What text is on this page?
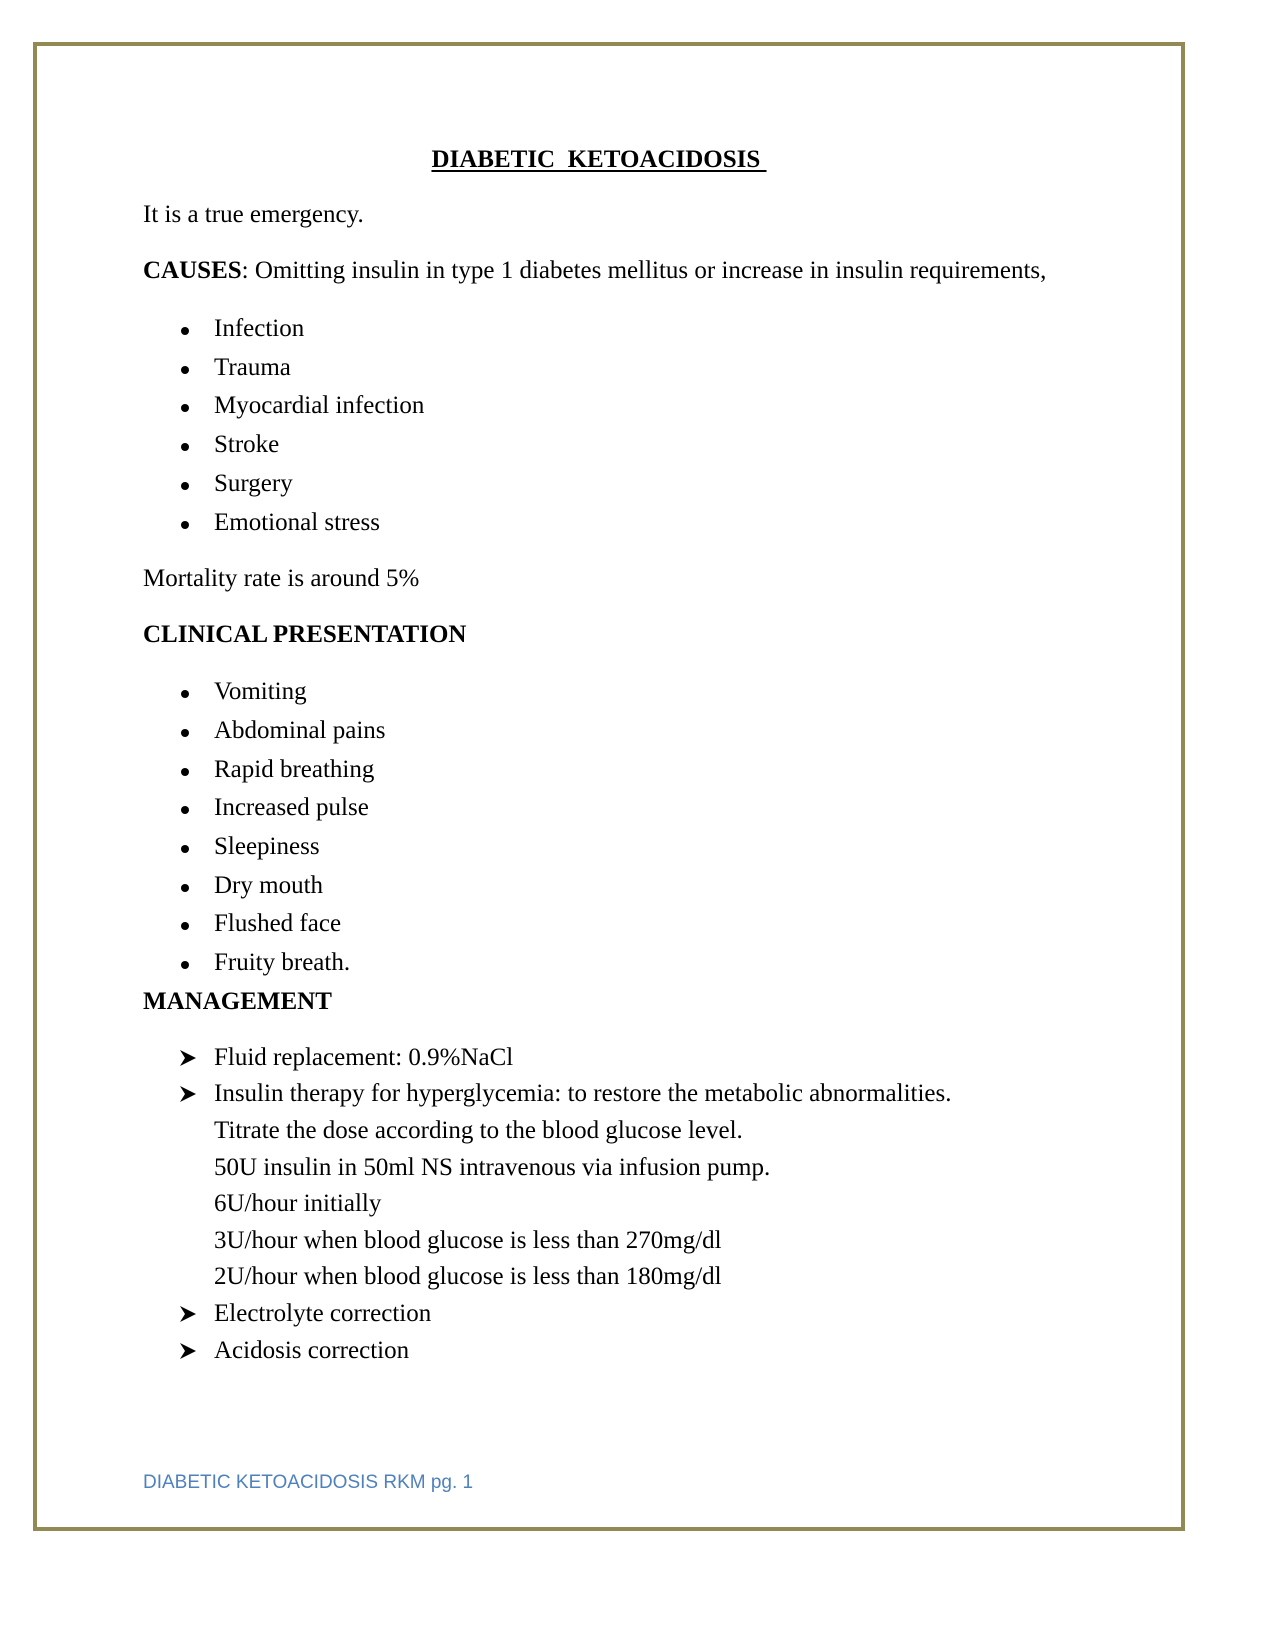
DIABETIC  KETOACIDOSIS

It is a true emergency.

CAUSES: Omitting insulin in type 1 diabetes mellitus or increase in insulin requirements,

Infection
Trauma
Myocardial infection
Stroke
Surgery
Emotional stress

Mortality rate is around 5%

CLINICAL PRESENTATION
Vomiting
Abdominal pains
Rapid breathing
Increased pulse
Sleepiness
Dry mouth
Flushed face
Fruity breath.
MANAGEMENT
Fluid replacement: 0.9%NaCl
Insulin therapy for hyperglycemia: to restore the metabolic abnormalities.
Titrate the dose according to the blood glucose level.
50U insulin in 50ml NS intravenous via infusion pump.
6U/hour initially
3U/hour when blood glucose is less than 270mg/dl
2U/hour when blood glucose is less than 180mg/dl
Electrolyte correction
Acidosis correction
DIABETIC KETOACIDOSIS RKM pg. 1
